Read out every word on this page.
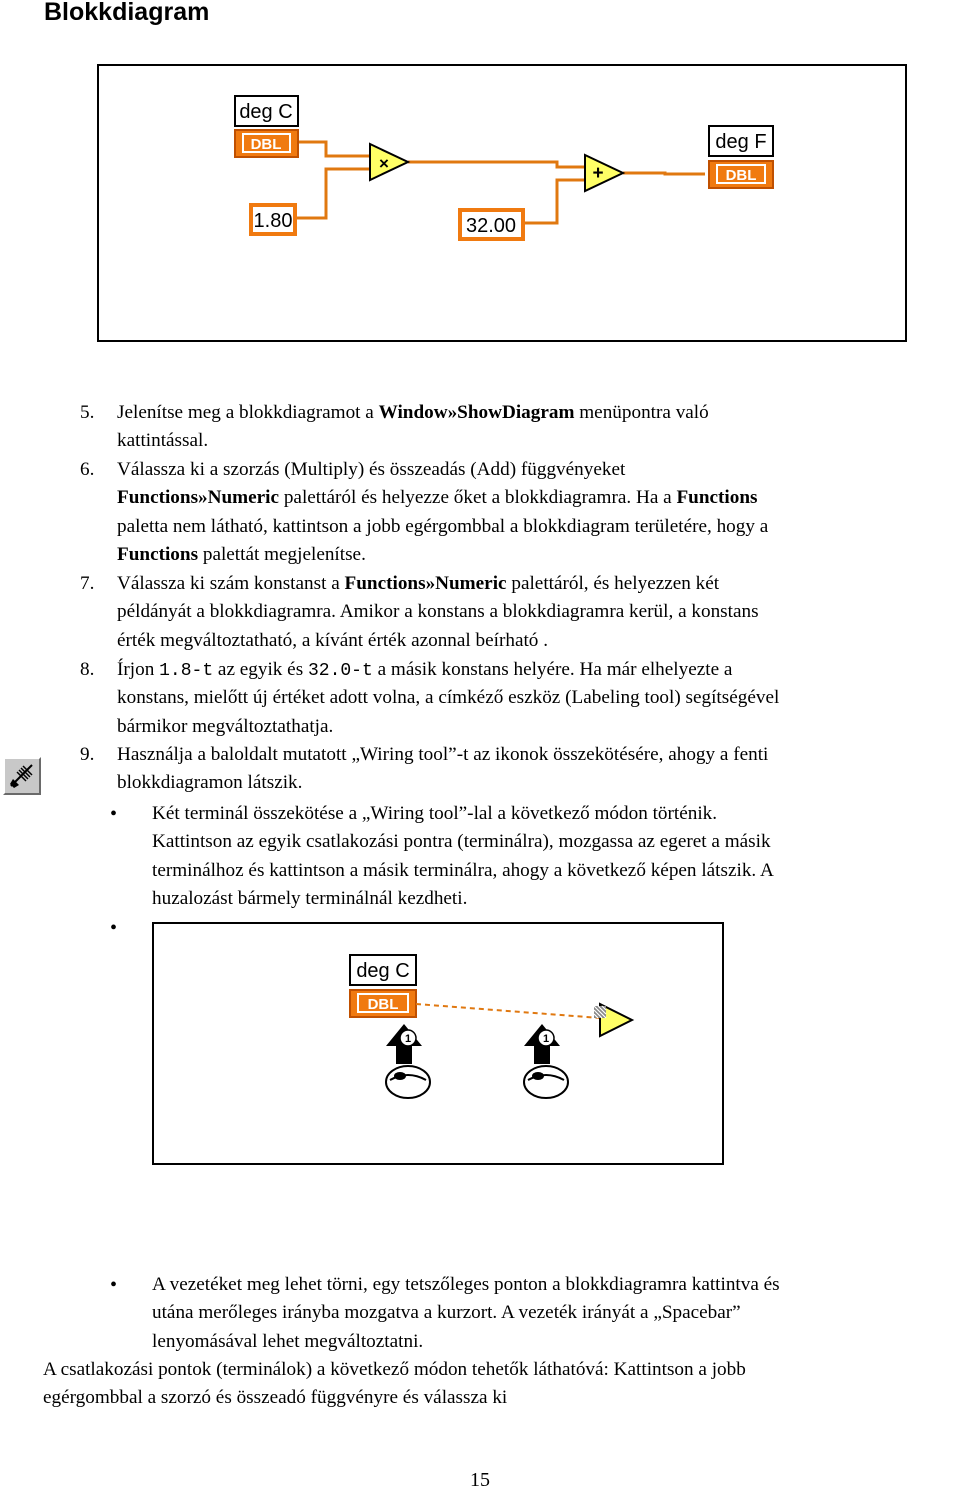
Blokkdiagram
deg C
DBL
1.80
×
32.00
+
deg F
DBL
5.	Jelenítse meg a blokkdiagramot a Window»ShowDiagram menüpontra való
kattintással.
6.	Válassza ki a szorzás (Multiply) és összeadás (Add) függvényeket
Functions»Numeric palettáról és helyezze őket a blokkdiagramra. Ha a Functions
paletta nem látható, kattintson a jobb egérgombbal a blokkdiagram területére, hogy a
Functions palettát megjelenítse.
7.	Válassza ki szám konstanst a Functions»Numeric palettáról, és helyezzen két
példányát a blokkdiagramra. Amikor a konstans a blokkdiagramra kerül, a konstans
érték megváltoztatható, a kívánt érték azonnal beírható .
8.	Írjon 1.8-t az egyik és 32.0-t a másik konstans helyére. Ha már elhelyezte a
konstans, mielőtt új értéket adott volna, a címkéző eszköz (Labeling tool) segítségével
bármikor megváltoztathatja.
9.	Használja a baloldalt mutatott „Wiring tool”-t az ikonok összekötésére, ahogy a fenti
blokkdiagramon látszik.
• Két terminál összekötése a „Wiring tool”-lal a következő módon történik.
Kattintson az egyik csatlakozási pontra (terminálra), mozgassa az egeret a másik
terminálhoz és kattintson a másik terminálra, ahogy a következő képen látszik. A
huzalozást bármely terminálnál kezdheti.
•
deg C
DBL
1	1
• A vezetéket meg lehet törni, egy tetszőleges ponton a blokkdiagramra kattintva és
utána merőleges irányba mozgatva a kurzort. A vezeték irányát a „Spacebar”
lenyomásával lehet megváltoztatni.
A csatlakozási pontok (terminálok) a következő módon tehetők láthatóvá: Kattintson a jobb
egérgombbal a szorzó és összeadó függvényre és válassza ki
15
